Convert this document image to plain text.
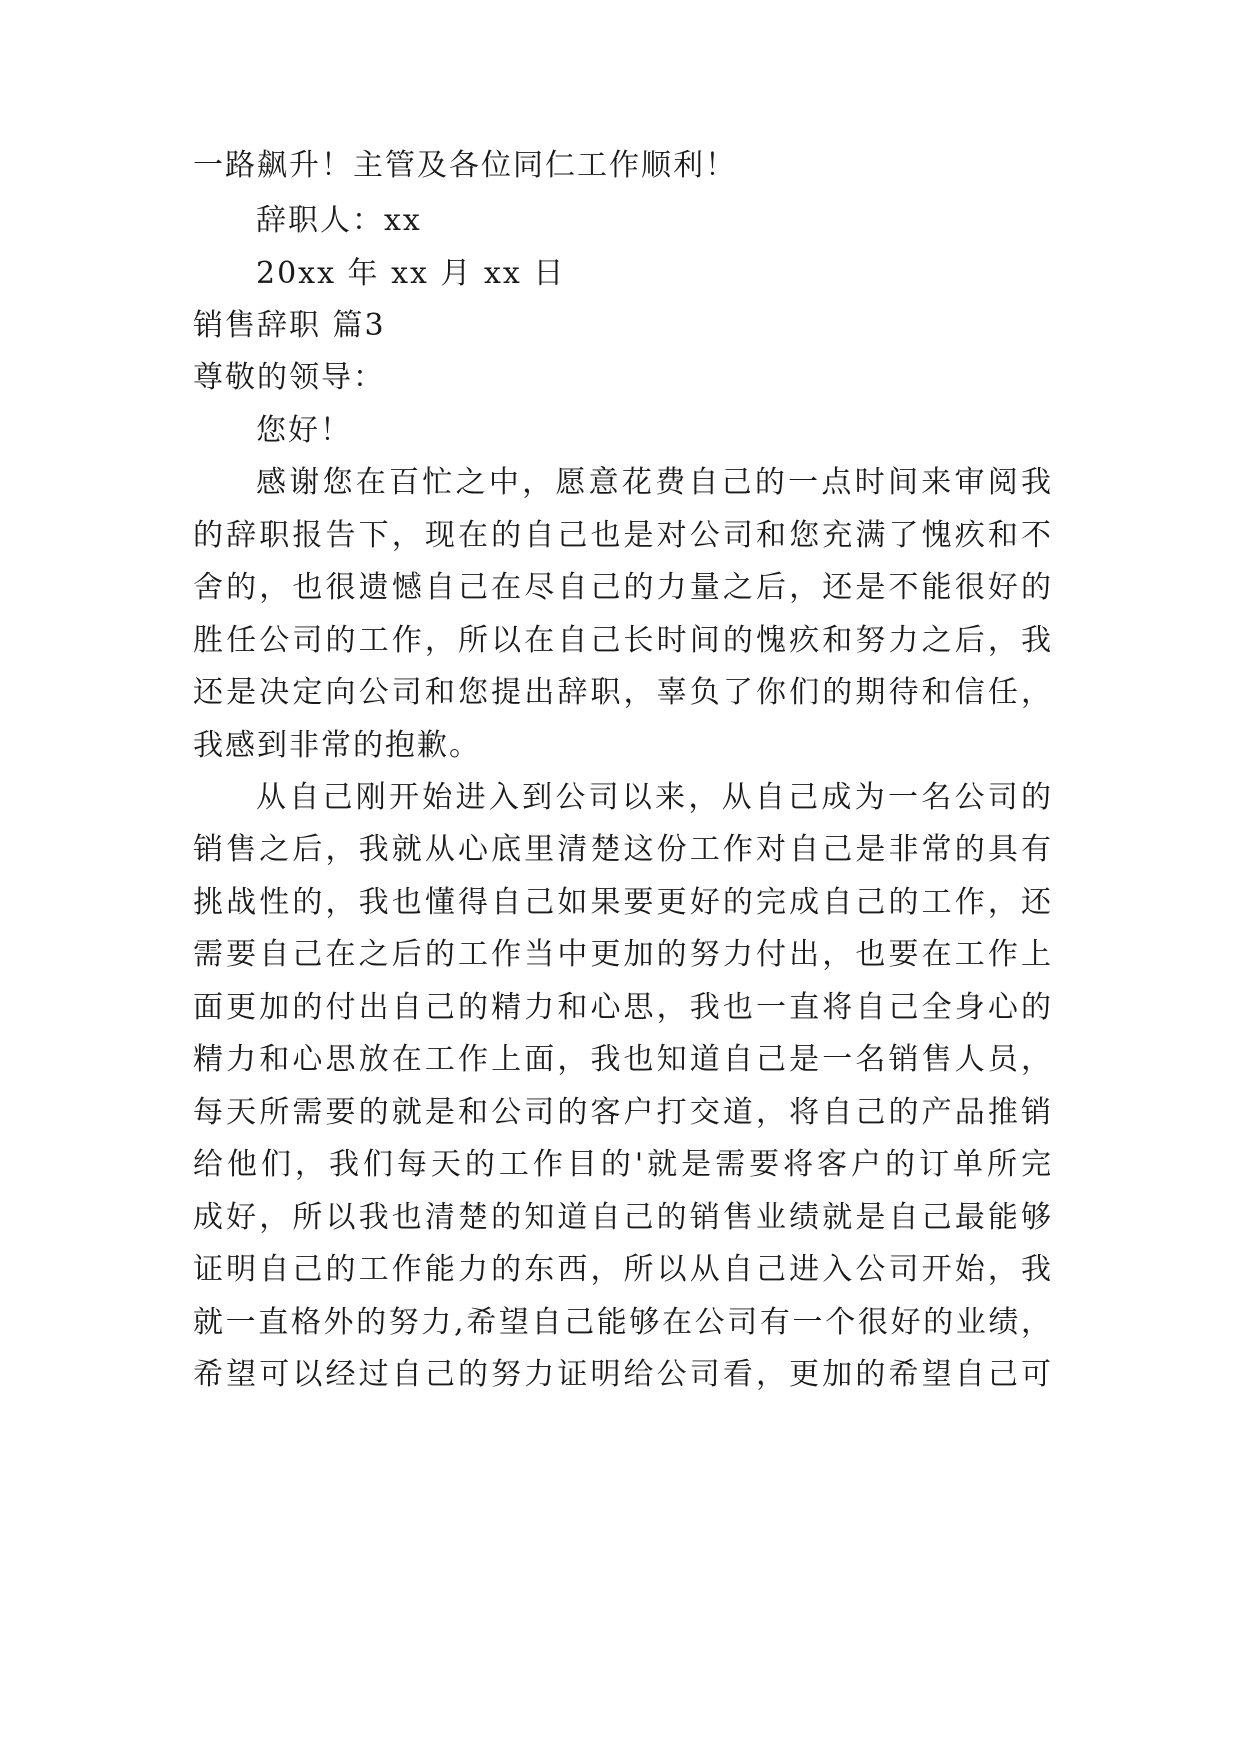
一路飙升！主管及各位同仁工作顺利！
辞职人：xx
20xx 年 xx 月 xx 日
销售辞职 篇3
尊敬的领导：
您好！
感谢您在百忙之中，愿意花费自己的一点时间来审阅我
的辞职报告下，现在的自己也是对公司和您充满了愧疚和不
舍的，也很遗憾自己在尽自己的力量之后，还是不能很好的
胜任公司的工作，所以在自己长时间的愧疚和努力之后，我
还是决定向公司和您提出辞职，辜负了你们的期待和信任，
我感到非常的抱歉。
从自己刚开始进入到公司以来，从自己成为一名公司的
销售之后，我就从心底里清楚这份工作对自己是非常的具有
挑战性的，我也懂得自己如果要更好的完成自己的工作，还
需要自己在之后的工作当中更加的努力付出，也要在工作上
面更加的付出自己的精力和心思，我也一直将自己全身心的
精力和心思放在工作上面，我也知道自己是一名销售人员，
每天所需要的就是和公司的客户打交道，将自己的产品推销
给他们，我们每天的工作目的'就是需要将客户的订单所完
成好，所以我也清楚的知道自己的销售业绩就是自己最能够
证明自己的工作能力的东西，所以从自己进入公司开始，我
就一直格外的努力,希望自己能够在公司有一个很好的业绩，
希望可以经过自己的努力证明给公司看，更加的希望自己可
